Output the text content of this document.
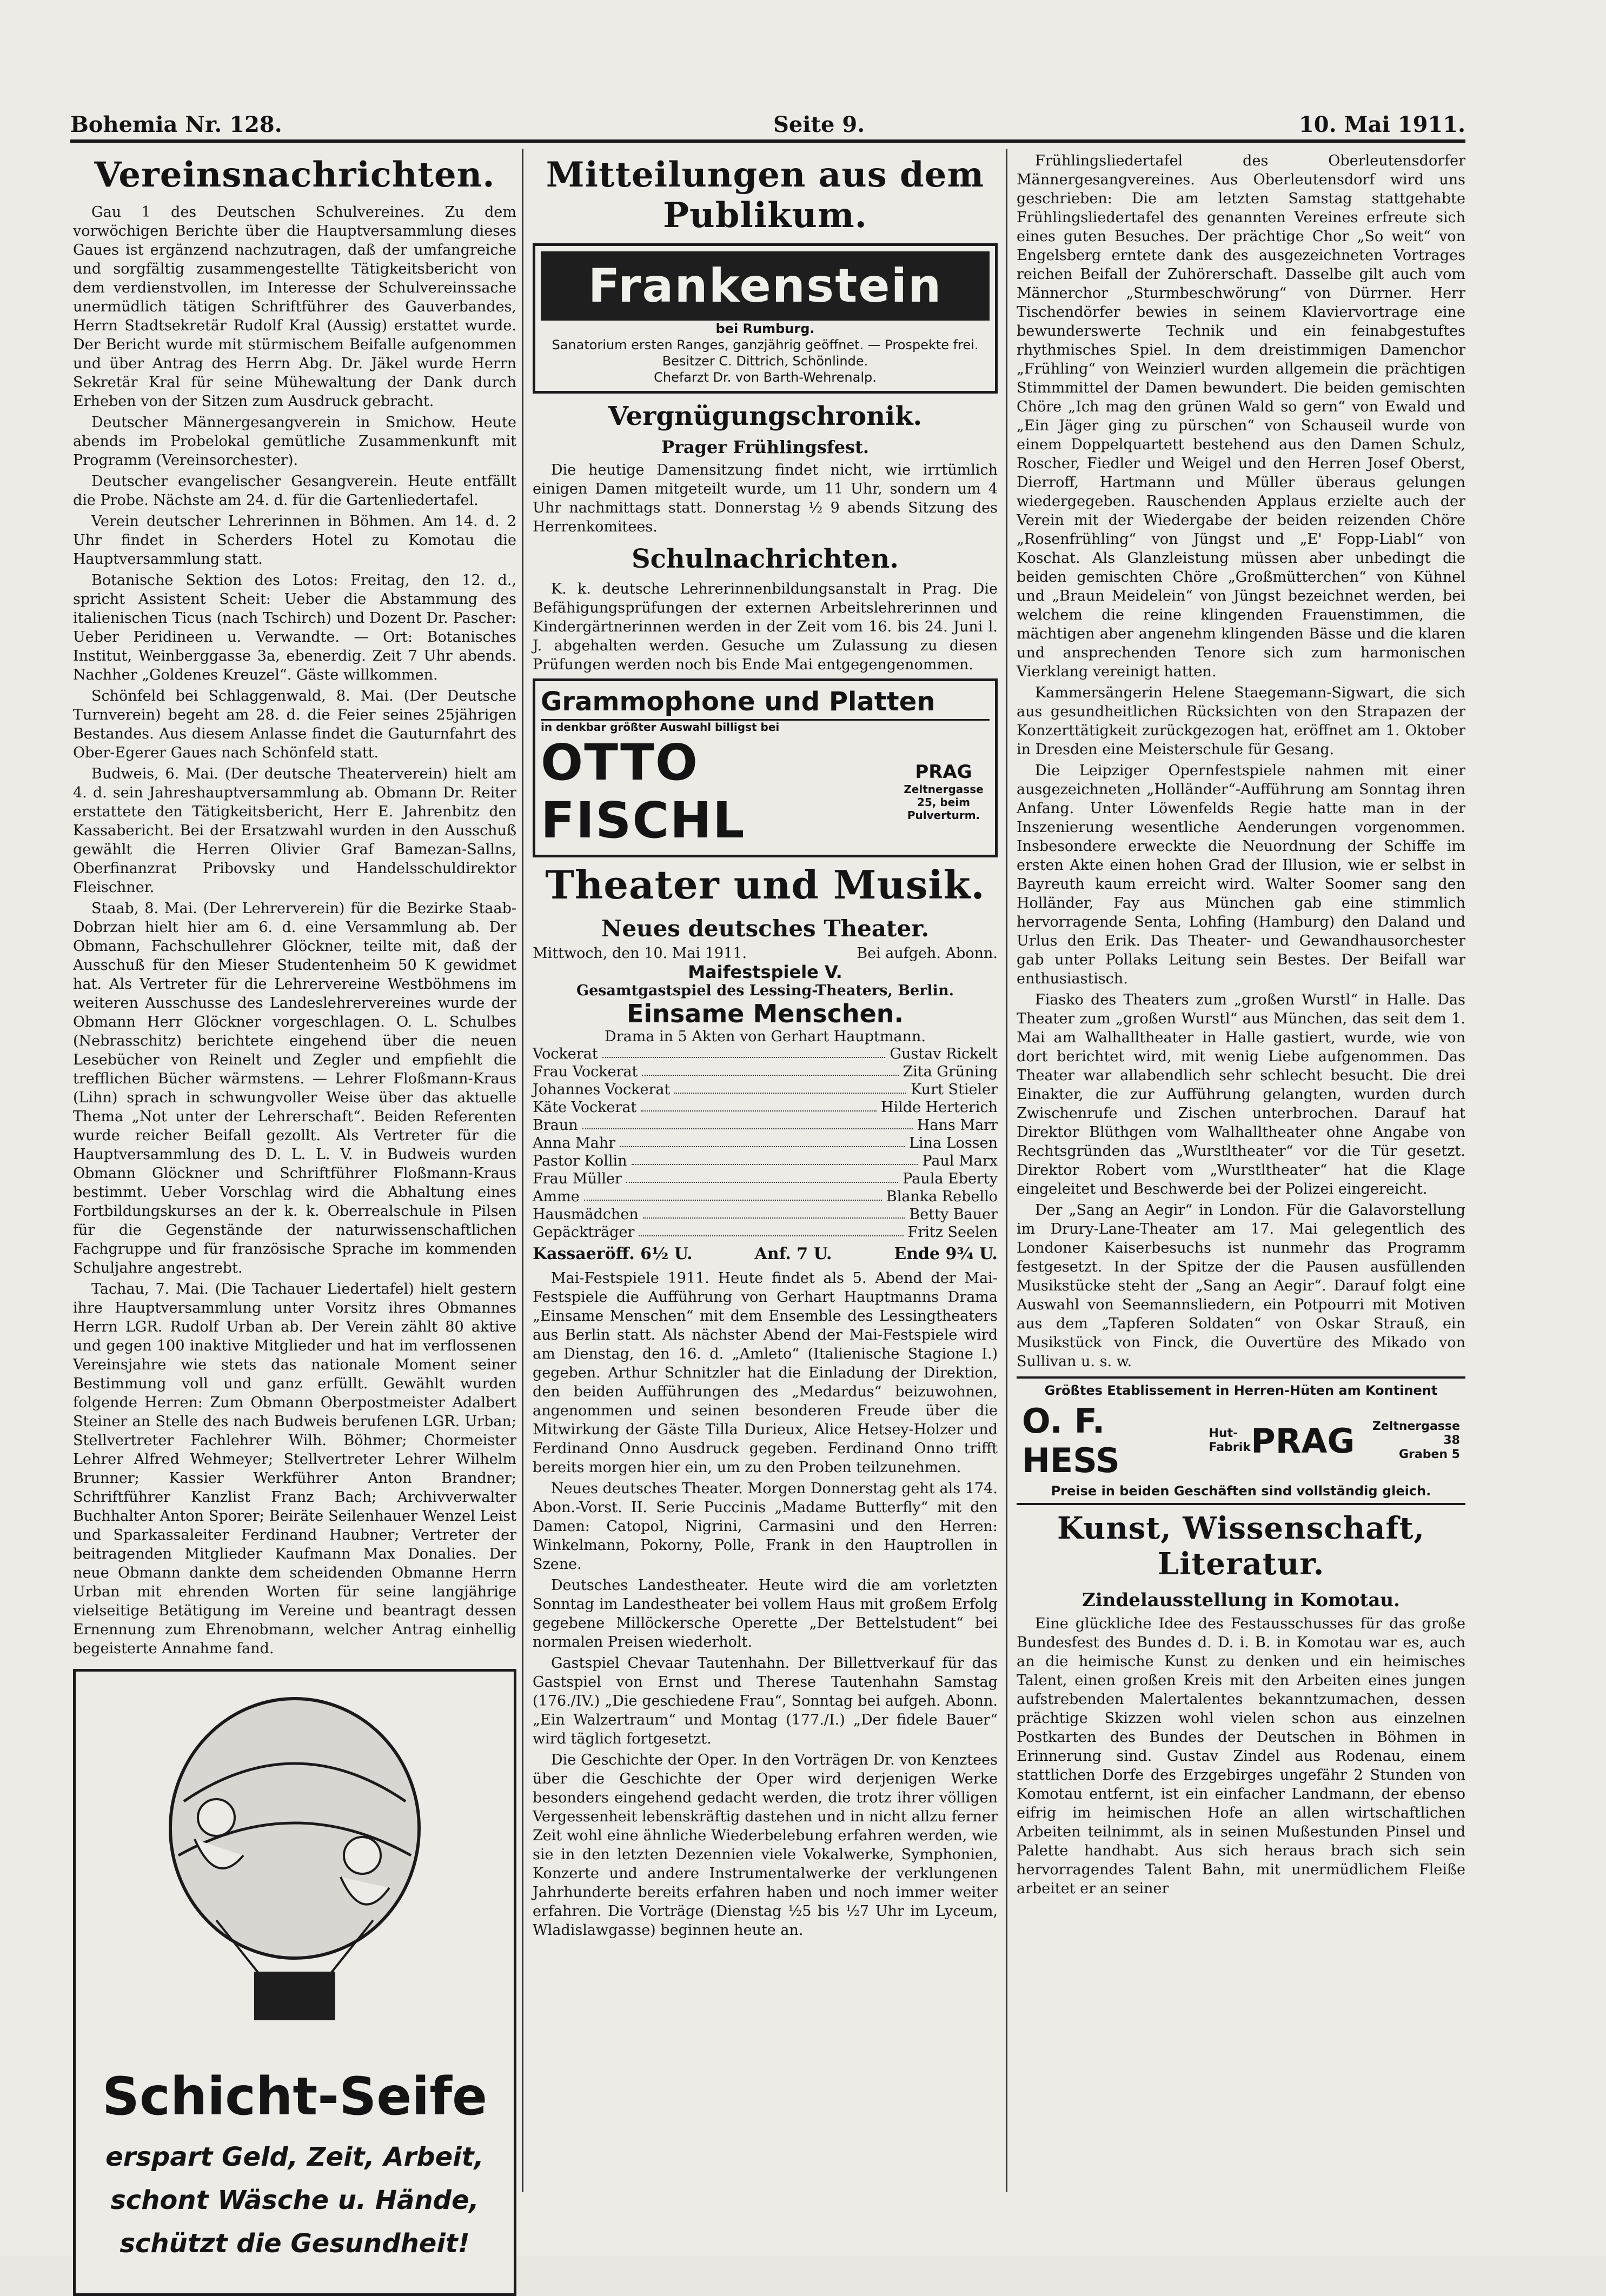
Bohemia Nr. 128.	Seite 9.	10. Mai 1911.
Vereinsnachrichten.

Gau 1 des Deutschen Schulvereines. Zu dem vorwöchigen Berichte über die Hauptversammlung dieses Gaues ist ergänzend nachzutragen, daß der umfangreiche und sorgfältig zusammengestellte Tätigkeitsbericht von dem verdienstvollen, im Interesse der Schulvereinssache unermüdlich tätigen Schriftführer des Gauverbandes, Herrn Stadtsekretär Rudolf Kral (Aussig) erstattet wurde. Der Bericht wurde mit stürmischem Beifalle aufgenommen und über Antrag des Herrn Abg. Dr. Jäkel wurde Herrn Sekretär Kral für seine Mühewaltung der Dank durch Erheben von der Sitzen zum Ausdruck gebracht.

Deutscher Männergesangverein in Smichow. Heute abends im Probelokal gemütliche Zusammenkunft mit Programm (Vereinsorchester).

Deutscher evangelischer Gesangverein. Heute entfällt die Probe. Nächste am 24. d. für die Gartenliedertafel.

Verein deutscher Lehrerinnen in Böhmen. Am 14. d. 2 Uhr findet in Scherders Hotel zu Komotau die Hauptversammlung statt.

Botanische Sektion des Lotos: Freitag, den 12. d., spricht Assistent Scheit: Ueber die Abstammung des italienischen Ticus (nach Tschirch) und Dozent Dr. Pascher: Ueber Peridineen u. Verwandte. — Ort: Botanisches Institut, Weinberggasse 3a, ebenerdig. Zeit 7 Uhr abends. Nachher „Goldenes Kreuzel“. Gäste willkommen.

Schönfeld bei Schlaggenwald, 8. Mai. (Der Deutsche Turnverein) begeht am 28. d. die Feier seines 25jährigen Bestandes. Aus diesem Anlasse findet die Gauturnfahrt des Ober-Egerer Gaues nach Schönfeld statt.

Budweis, 6. Mai. (Der deutsche Theaterverein) hielt am 4. d. sein Jahreshauptversammlung ab. Obmann Dr. Reiter erstattete den Tätigkeitsbericht, Herr E. Jahrenbitz den Kassabericht. Bei der Ersatzwahl wurden in den Ausschuß gewählt die Herren Olivier Graf Bamezan-Sallns, Oberfinanzrat Pribovsky und Handelsschuldirektor Fleischner.

Staab, 8. Mai. (Der Lehrerverein) für die Bezirke Staab-Dobrzan hielt hier am 6. d. eine Versammlung ab. Der Obmann, Fachschullehrer Glöckner, teilte mit, daß der Ausschuß für den Mieser Studentenheim 50 K gewidmet hat. Als Vertreter für die Lehrervereine Westböhmens im weiteren Ausschusse des Landeslehrervereines wurde der Obmann Herr Glöckner vorgeschlagen. O. L. Schulbes (Nebrasschitz) berichtete eingehend über die neuen Lesebücher von Reinelt und Zegler und empfiehlt die trefflichen Bücher wärmstens. — Lehrer Floßmann-Kraus (Lihn) sprach in schwungvoller Weise über das aktuelle Thema „Not unter der Lehrerschaft“. Beiden Referenten wurde reicher Beifall gezollt. Als Vertreter für die Hauptversammlung des D. L. L. V. in Budweis wurden Obmann Glöckner und Schriftführer Floßmann-Kraus bestimmt. Ueber Vorschlag wird die Abhaltung eines Fortbildungskurses an der k. k. Oberrealschule in Pilsen für die Gegenstände der naturwissenschaftlichen Fachgruppe und für französische Sprache im kommenden Schuljahre angestrebt.

Tachau, 7. Mai. (Die Tachauer Liedertafel) hielt gestern ihre Hauptversammlung unter Vorsitz ihres Obmannes Herrn LGR. Rudolf Urban ab. Der Verein zählt 80 aktive und gegen 100 inaktive Mitglieder und hat im verflossenen Vereinsjahre wie stets das nationale Moment seiner Bestimmung voll und ganz erfüllt. Gewählt wurden folgende Herren: Zum Obmann Oberpostmeister Adalbert Steiner an Stelle des nach Budweis berufenen LGR. Urban; Stellvertreter Fachlehrer Wilh. Böhmer; Chormeister Lehrer Alfred Wehmeyer; Stellvertreter Lehrer Wilhelm Brunner; Kassier Werkführer Anton Brandner; Schriftführer Kanzlist Franz Bach; Archivverwalter Buchhalter Anton Sporer; Beiräte Seilenhauer Wenzel Leist und Sparkassaleiter Ferdinand Haubner; Vertreter der beitragenden Mitglieder Kaufmann Max Donalies. Der neue Obmann dankte dem scheidenden Obmanne Herrn Urban mit ehrenden Worten für seine langjährige vielseitige Betätigung im Vereine und beantragt dessen Ernennung zum Ehrenobmann, welcher Antrag einhellig begeisterte Annahme fand.

Schicht-Seife
erspart Geld, Zeit, Arbeit,
schont Wäsche u. Hände,
schützt die Gesundheit!
Mitteilungen aus dem Publikum.
Frankenstein
bei Rumburg.
Sanatorium ersten Ranges, ganzjährig geöffnet. — Prospekte frei.
Besitzer C. Dittrich, Schönlinde.
Chefarzt Dr. von Barth-Wehrenalp.
Vergnügungschronik.
Prager Frühlingsfest.

Die heutige Damensitzung findet nicht, wie irrtümlich einigen Damen mitgeteilt wurde, um 11 Uhr, sondern um 4 Uhr nachmittags statt. Donnerstag ½ 9 abends Sitzung des Herrenkomitees.

Schulnachrichten.

K. k. deutsche Lehrerinnenbildungsanstalt in Prag. Die Befähigungsprüfungen der externen Arbeitslehrerinnen und Kindergärtnerinnen werden in der Zeit vom 16. bis 24. Juni l. J. abgehalten werden. Gesuche um Zulassung zu diesen Prüfungen werden noch bis Ende Mai entgegengenommen.

Grammophone und Platten
in denkbar größter Auswahl billigst bei
OTTO FISCHL
PRAG
Zeltnergasse 25, beim Pulverturm.
Theater und Musik.
Neues deutsches Theater.
Mittwoch, den 10. Mai 1911.	Bei aufgeh. Abonn.
Maifestspiele V.
Gesamtgastspiel des Lessing-Theaters, Berlin.
Einsame Menschen.
Drama in 5 Akten von Gerhart Hauptmann.
Vockerat	Gustav Rickelt
Frau Vockerat	Zita Grüning
Johannes Vockerat	Kurt Stieler
Käte Vockerat	Hilde Herterich
Braun	Hans Marr
Anna Mahr	Lina Lossen
Pastor Kollin	Paul Marx
Frau Müller	Paula Eberty
Amme	Blanka Rebello
Hausmädchen	Betty Bauer
Gepäckträger	Fritz Seelen
Kassaeröff. 6½ U.	Anf. 7 U.	Ende 9¾ U.

Mai-Festspiele 1911. Heute findet als 5. Abend der Mai-Festspiele die Aufführung von Gerhart Hauptmanns Drama „Einsame Menschen“ mit dem Ensemble des Lessingtheaters aus Berlin statt. Als nächster Abend der Mai-Festspiele wird am Dienstag, den 16. d. „Amleto“ (Italienische Stagione I.) gegeben. Arthur Schnitzler hat die Einladung der Direktion, den beiden Aufführungen des „Medardus“ beizuwohnen, angenommen und seinen besonderen Freude über die Mitwirkung der Gäste Tilla Durieux, Alice Hetsey-Holzer und Ferdinand Onno Ausdruck gegeben. Ferdinand Onno trifft bereits morgen hier ein, um zu den Proben teilzunehmen.

Neues deutsches Theater. Morgen Donnerstag geht als 174. Abon.-Vorst. II. Serie Puccinis „Madame Butterfly“ mit den Damen: Catopol, Nigrini, Carmasini und den Herren: Winkelmann, Pokorny, Polle, Frank in den Hauptrollen in Szene.

Deutsches Landestheater. Heute wird die am vorletzten Sonntag im Landestheater bei vollem Haus mit großem Erfolg gegebene Millöckersche Operette „Der Bettelstudent“ bei normalen Preisen wiederholt.

Gastspiel Chevaar Tautenhahn. Der Billettverkauf für das Gastspiel von Ernst und Therese Tautenhahn Samstag (176./IV.) „Die geschiedene Frau“, Sonntag bei aufgeh. Abonn. „Ein Walzertraum“ und Montag (177./I.) „Der fidele Bauer“ wird täglich fortgesetzt.

Die Geschichte der Oper. In den Vorträgen Dr. von Kenztees über die Geschichte der Oper wird derjenigen Werke besonders eingehend gedacht werden, die trotz ihrer völligen Vergessenheit lebenskräftig dastehen und in nicht allzu ferner Zeit wohl eine ähnliche Wiederbelebung erfahren werden, wie sie in den letzten Dezennien viele Vokalwerke, Symphonien, Konzerte und andere Instrumentalwerke der verklungenen Jahrhunderte bereits erfahren haben und noch immer weiter erfahren. Die Vorträge (Dienstag ½5 bis ½7 Uhr im Lyceum, Wladislawgasse) beginnen heute an.

Frühlingsliedertafel des Oberleutensdorfer Männergesangvereines. Aus Oberleutensdorf wird uns geschrieben: Die am letzten Samstag stattgehabte Frühlingsliedertafel des genannten Vereines erfreute sich eines guten Besuches. Der prächtige Chor „So weit“ von Engelsberg erntete dank des ausgezeichneten Vortrages reichen Beifall der Zuhörerschaft. Dasselbe gilt auch vom Männerchor „Sturmbeschwörung“ von Dürrner. Herr Tischendörfer bewies in seinem Klaviervortrage eine bewunderswerte Technik und ein feinabgestuftes rhythmisches Spiel. In dem dreistimmigen Damenchor „Frühling“ von Weinzierl wurden allgemein die prächtigen Stimmmittel der Damen bewundert. Die beiden gemischten Chöre „Ich mag den grünen Wald so gern“ von Ewald und „Ein Jäger ging zu pürschen“ von Schauseil wurde von einem Doppelquartett bestehend aus den Damen Schulz, Roscher, Fiedler und Weigel und den Herren Josef Oberst, Dierroff, Hartmann und Müller überaus gelungen wiedergegeben. Rauschenden Applaus erzielte auch der Verein mit der Wiedergabe der beiden reizenden Chöre „Rosenfrühling“ von Jüngst und „E' Fopp-Liabl“ von Koschat. Als Glanzleistung müssen aber unbedingt die beiden gemischten Chöre „Großmütterchen“ von Kühnel und „Braun Meidelein“ von Jüngst bezeichnet werden, bei welchem die reine klingenden Frauenstimmen, die mächtigen aber angenehm klingenden Bässe und die klaren und ansprechenden Tenore sich zum harmonischen Vierklang vereinigt hatten.

Kammersängerin Helene Staegemann-Sigwart, die sich aus gesundheitlichen Rücksichten von den Strapazen der Konzerttätigkeit zurückgezogen hat, eröffnet am 1. Oktober in Dresden eine Meisterschule für Gesang.

Die Leipziger Opernfestspiele nahmen mit einer ausgezeichneten „Holländer“-Aufführung am Sonntag ihren Anfang. Unter Löwenfelds Regie hatte man in der Inszenierung wesentliche Aenderungen vorgenommen. Insbesondere erweckte die Neuordnung der Schiffe im ersten Akte einen hohen Grad der Illusion, wie er selbst in Bayreuth kaum erreicht wird. Walter Soomer sang den Holländer, Fay aus München gab eine stimmlich hervorragende Senta, Lohfing (Hamburg) den Daland und Urlus den Erik. Das Theater- und Gewandhausorchester gab unter Pollaks Leitung sein Bestes. Der Beifall war enthusiastisch.

Fiasko des Theaters zum „großen Wurstl“ in Halle. Das Theater zum „großen Wurstl“ aus München, das seit dem 1. Mai am Walhalltheater in Halle gastiert, wurde, wie von dort berichtet wird, mit wenig Liebe aufgenommen. Das Theater war allabendlich sehr schlecht besucht. Die drei Einakter, die zur Aufführung gelangten, wurden durch Zwischenrufe und Zischen unterbrochen. Darauf hat Direktor Blüthgen vom Walhalltheater ohne Angabe von Rechtsgründen das „Wurstltheater“ vor die Tür gesetzt. Direktor Robert vom „Wurstltheater“ hat die Klage eingeleitet und Beschwerde bei der Polizei eingereicht.

Der „Sang an Aegir“ in London. Für die Galavorstellung im Drury-Lane-Theater am 17. Mai gelegentlich des Londoner Kaiserbesuchs ist nunmehr das Programm festgesetzt. In der Spitze der die Pausen ausfüllenden Musikstücke steht der „Sang an Aegir“. Darauf folgt eine Auswahl von Seemannsliedern, ein Potpourri mit Motiven aus dem „Tapferen Soldaten“ von Oskar Strauß, ein Musikstück von Finck, die Ouvertüre des Mikado von Sullivan u. s. w.

Größtes Etablissement in Herren-Hüten am Kontinent
O. F. HESS
Hut-Fabrik PRAG	Zeltnergasse 38
Graben 5
Preise in beiden Geschäften sind vollständig gleich.
Kunst, Wissenschaft, Literatur.
Zindelausstellung in Komotau.

Eine glückliche Idee des Festausschusses für das große Bundesfest des Bundes d. D. i. B. in Komotau war es, auch an die heimische Kunst zu denken und ein heimisches Talent, einen großen Kreis mit den Arbeiten eines jungen aufstrebenden Malertalentes bekanntzumachen, dessen prächtige Skizzen wohl vielen schon aus einzelnen Postkarten des Bundes der Deutschen in Böhmen in Erinnerung sind. Gustav Zindel aus Rodenau, einem stattlichen Dorfe des Erzgebirges ungefähr 2 Stunden von Komotau entfernt, ist ein einfacher Landmann, der ebenso eifrig im heimischen Hofe an allen wirtschaftlichen Arbeiten teilnimmt, als in seinen Mußestunden Pinsel und Palette handhabt. Aus sich heraus brach sich sein hervorragendes Talent Bahn, mit unermüdlichem Fleiße arbeitet er an seiner
